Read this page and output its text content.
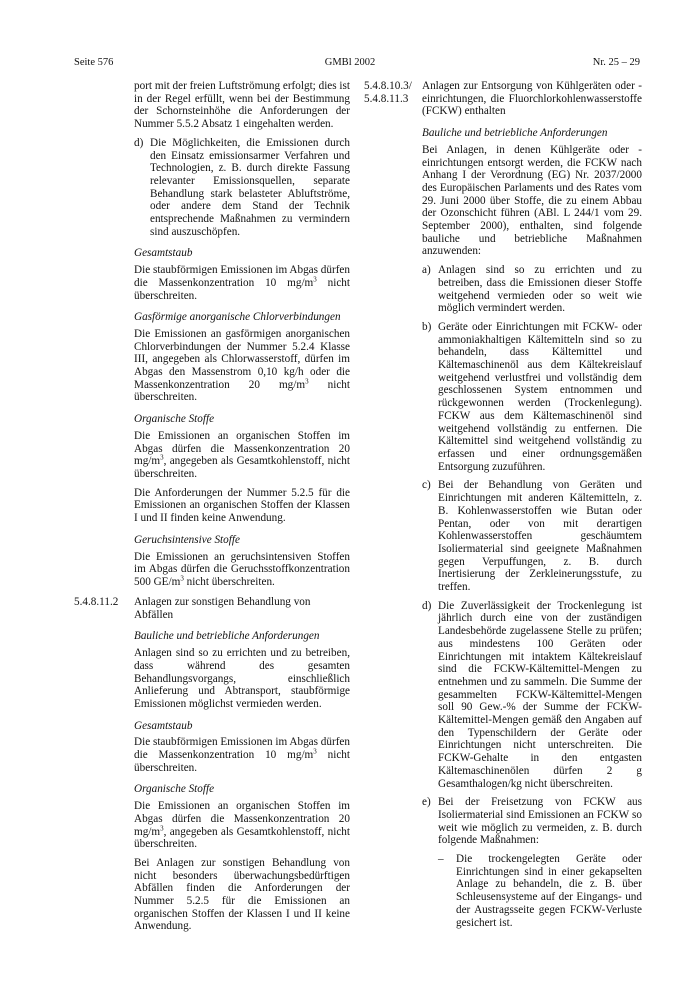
Seite 576	GMBl 2002	Nr. 25 – 29

port mit der freien Luftströmung erfolgt; dies ist in der Regel erfüllt, wenn bei der Bestimmung der Schornsteinhöhe die Anforderungen der Nummer 5.5.2 Absatz 1 eingehalten werden.

d) Die Möglichkeiten, die Emissionen durch den Einsatz emissionsarmer Verfahren und Technologien, z. B. durch direkte Fassung relevanter Emissionsquellen, separate Behandlung stark belasteter Abluftströme, oder andere dem Stand der Technik entsprechende Maßnahmen zu vermindern sind auszuschöpfen.
Gesamtstaub

Die staubförmigen Emissionen im Abgas dürfen die Massenkonzentration 10 $mg/m^3$ nicht überschreiten.

Gasförmige anorganische Chlorverbindungen

Die Emissionen an gasförmigen anorganischen Chlorverbindungen der Nummer 5.2.4 Klasse III, angegeben als Chlorwasserstoff, dürfen im Abgas den Massenstrom 0,10 kg/h oder die Massenkonzentration 20 $mg/m^3$ nicht überschreiten.

Organische Stoffe

Die Emissionen an organischen Stoffen im Abgas dürfen die Massenkonzentration 20 $mg/m^3$, angegeben als Gesamtkohlenstoff, nicht überschreiten.

Die Anforderungen der Nummer 5.2.5 für die Emissionen an organischen Stoffen der Klassen I und II finden keine Anwendung.

Geruchsintensive Stoffe

Die Emissionen an geruchsintensiven Stoffen im Abgas dürfen die Geruchsstoffkonzentration 500 $GE/m^3$ nicht überschreiten.

5.4.8.11.2	Anlagen zur sonstigen Behandlung von Abfällen

Bauliche und betriebliche Anforderungen

Anlagen sind so zu errichten und zu betreiben, dass während des gesamten Behandlungsvorgangs, einschließlich Anlieferung und Abtransport, staubförmige Emissionen möglichst vermieden werden.

Gesamtstaub

Die staubförmigen Emissionen im Abgas dürfen die Massenkonzentration 10 $mg/m^3$ nicht überschreiten.

Organische Stoffe

Die Emissionen an organischen Stoffen im Abgas dürfen die Massenkonzentration 20 $mg/m^3$, angegeben als Gesamtkohlenstoff, nicht überschreiten.

Bei Anlagen zur sonstigen Behandlung von nicht besonders überwachungsbedürftigen Abfällen finden die Anforderungen der Nummer 5.2.5 für die Emissionen an organischen Stoffen der Klassen I und II keine Anwendung.

5.4.8.10.3/
5.4.8.11.3

Anlagen zur Entsorgung von Kühlgeräten oder -einrichtungen, die Fluorchlorkohlenwasserstoffe (FCKW) enthalten

Bauliche und betriebliche Anforderungen

Bei Anlagen, in denen Kühlgeräte oder -einrichtungen entsorgt werden, die FCKW nach Anhang I der Verordnung (EG) Nr. 2037/2000 des Europäischen Parlaments und des Rates vom 29. Juni 2000 über Stoffe, die zu einem Abbau der Ozonschicht führen (ABl. L 244/1 vom 29. September 2000), enthalten, sind folgende bauliche und betriebliche Maßnahmen anzuwenden:

a) Anlagen sind so zu errichten und zu betreiben, dass die Emissionen dieser Stoffe weitgehend vermieden oder so weit wie möglich vermindert werden.
b) Geräte oder Einrichtungen mit FCKW- oder ammoniakhaltigen Kältemitteln sind so zu behandeln, dass Kältemittel und Kältemaschinenöl aus dem Kältekreislauf weitgehend verlustfrei und vollständig dem geschlossenen System entnommen und rückgewonnen werden (Trockenlegung). FCKW aus dem Kältemaschinenöl sind weitgehend vollständig zu entfernen. Die Kältemittel sind weitgehend vollständig zu erfassen und einer ordnungsgemäßen Entsorgung zuzuführen.
c) Bei der Behandlung von Geräten und Einrichtungen mit anderen Kältemitteln, z. B. Kohlenwasserstoffen wie Butan oder Pentan, oder von mit derartigen Kohlenwasserstoffen geschäumtem Isoliermaterial sind geeignete Maßnahmen gegen Verpuffungen, z. B. durch Inertisierung der Zerkleinerungsstufe, zu treffen.
d) Die Zuverlässigkeit der Trockenlegung ist jährlich durch eine von der zuständigen Landesbehörde zugelassene Stelle zu prüfen; aus mindestens 100 Geräten oder Einrichtungen mit intaktem Kältekreislauf sind die FCKW-Kältemittel-Mengen zu entnehmen und zu sammeln. Die Summe der gesammelten FCKW-Kältemittel-Mengen soll 90 Gew.-% der Summe der FCKW-Kältemittel-Mengen gemäß den Angaben auf den Typenschildern der Geräte oder Einrichtungen nicht unterschreiten. Die FCKW-Gehalte in den entgasten Kältemaschinenölen dürfen 2 g Gesamthalogen/kg nicht überschreiten.
e) Bei der Freisetzung von FCKW aus Isoliermaterial sind Emissionen an FCKW so weit wie möglich zu vermeiden, z. B. durch folgende Maßnahmen:
–	Die trockengelegten Geräte oder Einrichtungen sind in einer gekapselten Anlage zu behandeln, die z. B. über Schleusensysteme auf der Eingangs- und der Austragsseite gegen FCKW-Verluste gesichert ist.
